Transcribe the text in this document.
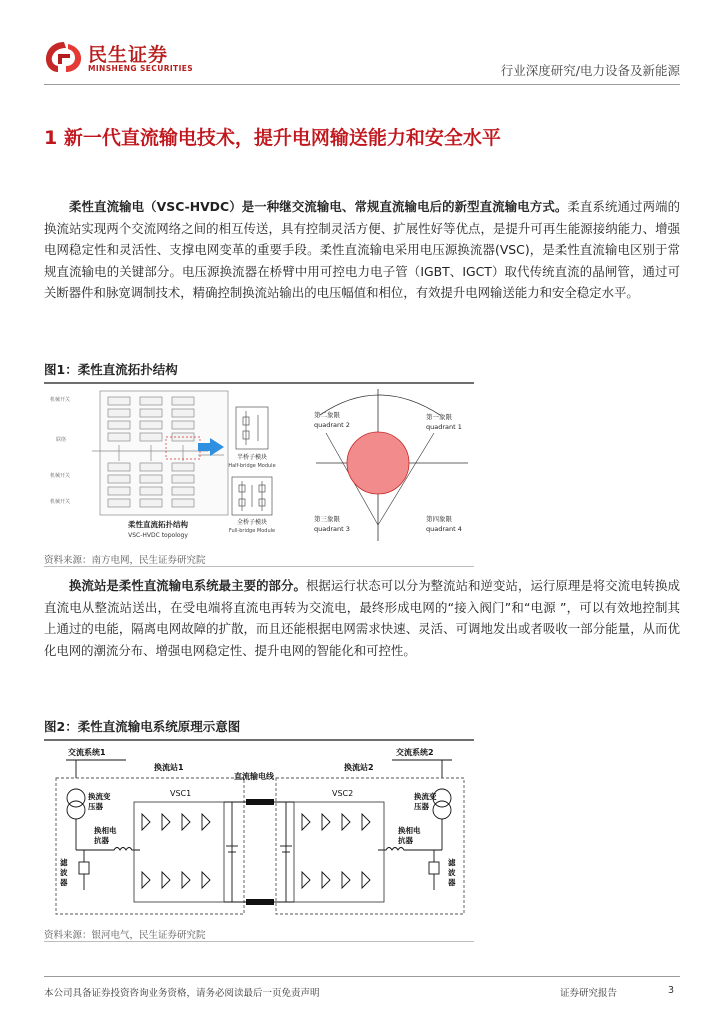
民生证券
MINSHENG SECURITIES	行业深度研究/电力设备及新能源
1 新一代直流输电技术，提升电网输送能力和安全水平
柔性直流输电（VSC-HVDC）是一种继交流输电、常规直流输电后的新型直流输电方式。柔直系统通过两端的换流站实现两个交流网络之间的相互传送，具有控制灵活方便、扩展性好等优点，是提升可再生能源接纳能力、增强电网稳定性和灵活性、支撑电网变革的重要手段。柔性直流输电采用电压源换流器(VSC)，是柔性直流输电区别于常规直流输电的关键部分。电压源换流器在桥臂中用可控电力电子管（IGBT、IGCT）取代传统直流的晶闸管，通过可关断器件和脉宽调制技术，精确控制换流站输出的电压幅值和相位，有效提升电网输送能力和安全稳定水平。
图1：柔性直流拓扑结构
机械开关
联络
机械开关
机械开关
柔性直流拓扑结构
VSC-HVDC topology
半桥子模块
Half-bridge Module
全桥子模块
Full-bridge Module
第二象限
quadrant 2
第一象限
quadrant 1
第三象限
quadrant 3
第四象限
quadrant 4
资料来源：南方电网，民生证券研究院
换流站是柔性直流输电系统最主要的部分。根据运行状态可以分为整流站和逆变站，运行原理是将交流电转换成直流电从整流站送出，在受电端将直流电再转为交流电，最终形成电网的“接入阀门”和“电源 ”，可以有效地控制其上通过的电能，隔离电网故障的扩散，而且还能根据电网需求快速、灵活、可调地发出或者吸收一部分能量，从而优化电网的潮流分布、增强电网稳定性、提升电网的智能化和可控性。
图2：柔性直流输电系统原理示意图
交流系统1	交流系统2
换流站1	换流站2
直流输电线
VSC1	VSC2
换流变压器
换流变压器
换相电抗器
换相电抗器
滤波器
滤波器
资料来源：银河电气，民生证券研究院
本公司具备证券投资咨询业务资格，请务必阅读最后一页免责声明	证券研究报告	3
